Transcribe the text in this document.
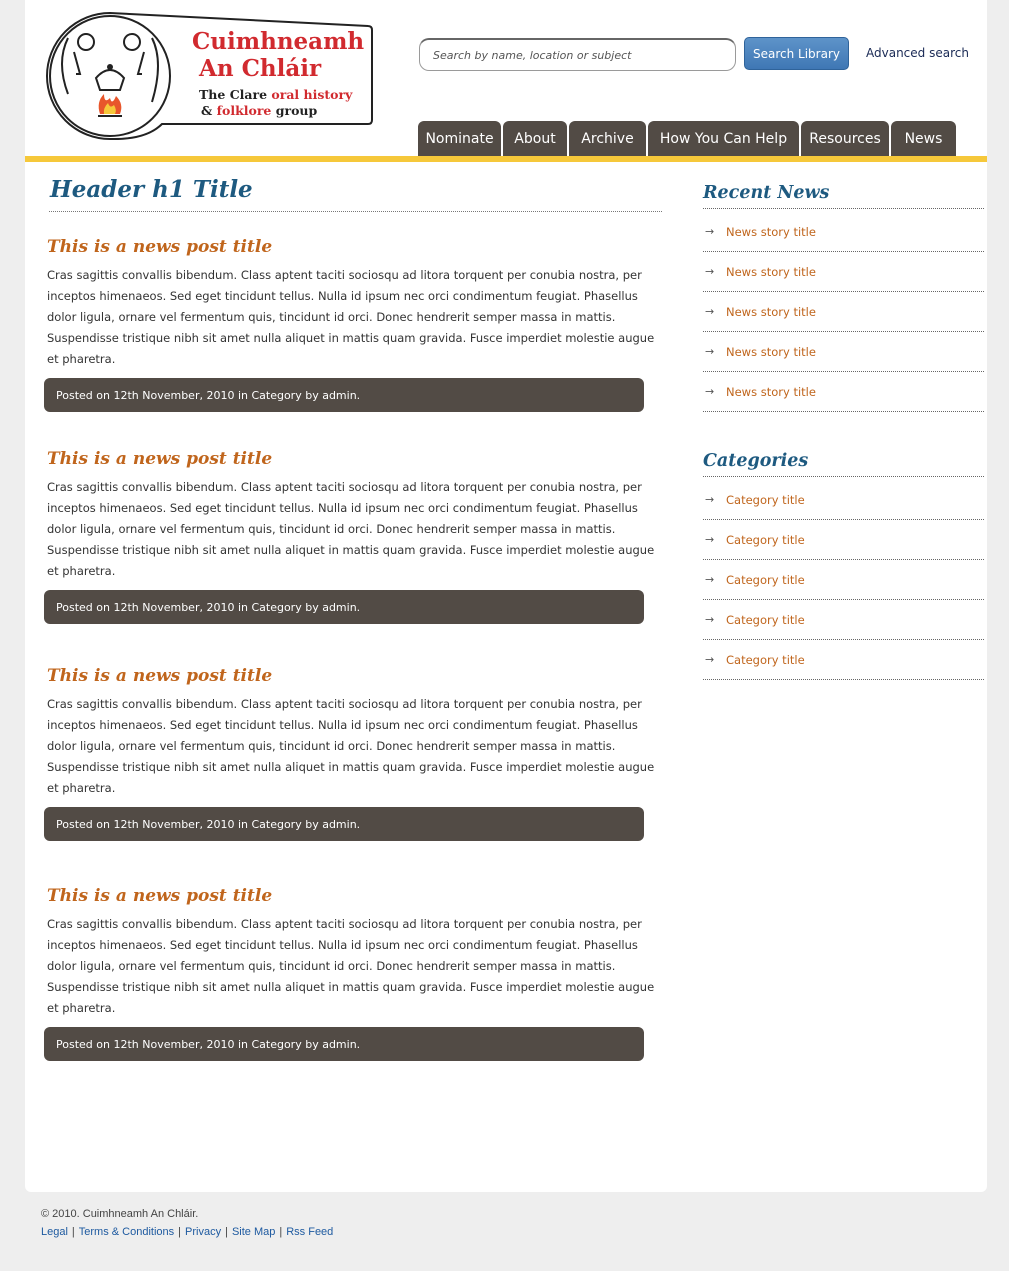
Cuimhneamh
An Chláir
The Clare oral history
& folklore group
Search by name, location or subject
Search Library	Advanced search
Nominate	About	Archive	How You Can Help	Resources	News
Header h1 Title
This is a news post title

Cras sagittis convallis bibendum. Class aptent taciti sociosqu ad litora torquent per conubia nostra, per inceptos himenaeos. Sed eget tincidunt tellus. Nulla id ipsum nec orci condimentum feugiat. Phasellus dolor ligula, ornare vel fermentum quis, tincidunt id orci. Donec hendrerit semper massa in mattis. Suspendisse tristique nibh sit amet nulla aliquet in mattis quam gravida. Fusce imperdiet molestie augue et pharetra.

Posted on 12th November, 2010 in Category by admin.
This is a news post title

Cras sagittis convallis bibendum. Class aptent taciti sociosqu ad litora torquent per conubia nostra, per inceptos himenaeos. Sed eget tincidunt tellus. Nulla id ipsum nec orci condimentum feugiat. Phasellus dolor ligula, ornare vel fermentum quis, tincidunt id orci. Donec hendrerit semper massa in mattis. Suspendisse tristique nibh sit amet nulla aliquet in mattis quam gravida. Fusce imperdiet molestie augue et pharetra.

Posted on 12th November, 2010 in Category by admin.
This is a news post title

Cras sagittis convallis bibendum. Class aptent taciti sociosqu ad litora torquent per conubia nostra, per inceptos himenaeos. Sed eget tincidunt tellus. Nulla id ipsum nec orci condimentum feugiat. Phasellus dolor ligula, ornare vel fermentum quis, tincidunt id orci. Donec hendrerit semper massa in mattis. Suspendisse tristique nibh sit amet nulla aliquet in mattis quam gravida. Fusce imperdiet molestie augue et pharetra.

Posted on 12th November, 2010 in Category by admin.
This is a news post title

Cras sagittis convallis bibendum. Class aptent taciti sociosqu ad litora torquent per conubia nostra, per inceptos himenaeos. Sed eget tincidunt tellus. Nulla id ipsum nec orci condimentum feugiat. Phasellus dolor ligula, ornare vel fermentum quis, tincidunt id orci. Donec hendrerit semper massa in mattis. Suspendisse tristique nibh sit amet nulla aliquet in mattis quam gravida. Fusce imperdiet molestie augue et pharetra.

Posted on 12th November, 2010 in Category by admin.
Recent News
→	News story title
→	News story title
→	News story title
→	News story title
→	News story title
Categories
→	Category title
→	Category title
→	Category title
→	Category title
→	Category title
© 2010. Cuimhneamh An Chláir.
Legal | Terms & Conditions | Privacy | Site Map | Rss Feed
